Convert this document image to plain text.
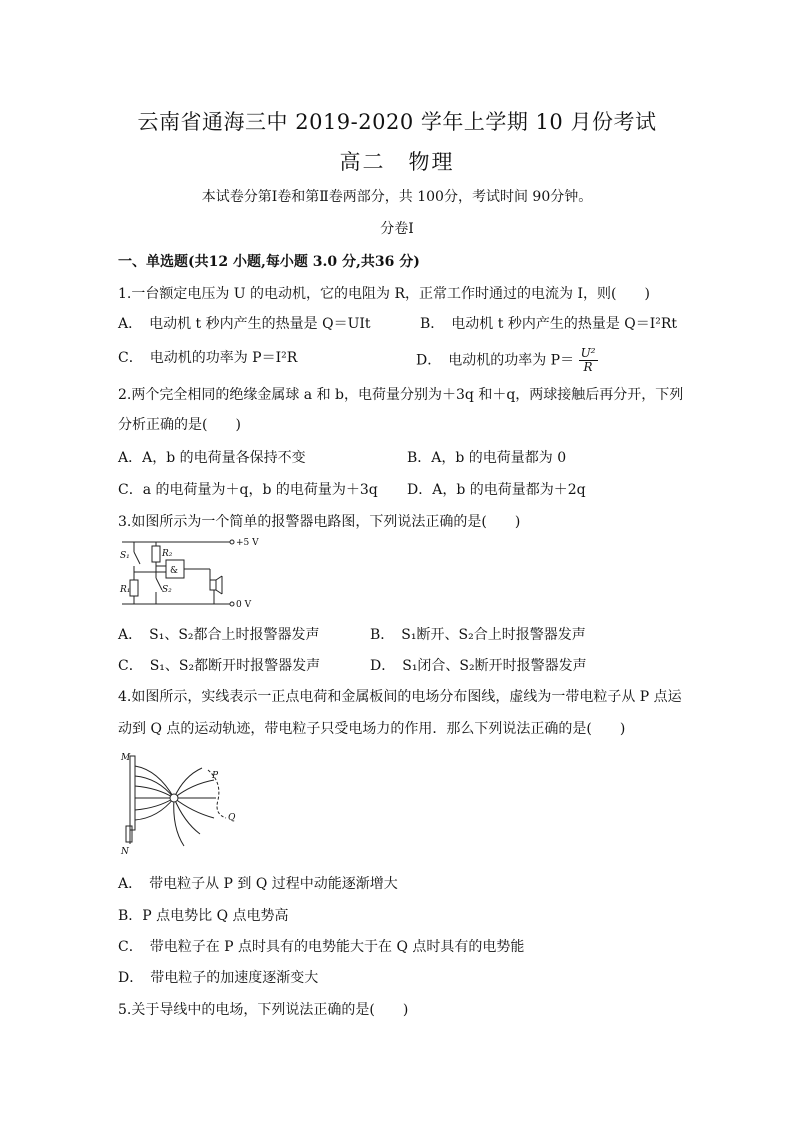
云南省通海三中 2019-2020 学年上学期 10 月份考试
高二　物理
本试卷分第Ⅰ卷和第Ⅱ卷两部分，共 100分，考试时间 90分钟。
分卷Ⅰ
一、单选题(共12 小题,每小题 3.0 分,共36 分)
1.一台额定电压为 U 的电动机，它的电阻为 R，正常工作时通过的电流为 I，则(　　)
A．　电动机 t 秒内产生的热量是 Q＝UIt	B．　电动机 t 秒内产生的热量是 Q＝I²Rt
C．　电动机的功率为 P＝I²R	D．　电动机的功率为 $P= \frac{\text{U²}}{R}$
2.两个完全相同的绝缘金属球 a 和 b，电荷量分别为＋3q 和＋q，两球接触后再分开，下列
分析正确的是(　　)
A．A，b 的电荷量各保持不变	B．A，b 的电荷量都为 0
C．a 的电荷量为＋q，b 的电荷量为＋3q D．A，b 的电荷量都为＋2q
3.如图所示为一个简单的报警器电路图，下列说法正确的是(　　)
+5 V
0 V
S₁
R₁
R₂
S₂
&
A．　S₁、S₂都合上时报警器发声	B．　S₁断开、S₂合上时报警器发声
C．　S₁、S₂都断开时报警器发声	D．　S₁闭合、S₂断开时报警器发声
4.如图所示，实线表示一正点电荷和金属板间的电场分布图线，虚线为一带电粒子从 P 点运
动到 Q 点的运动轨迹，带电粒子只受电场力的作用．那么下列说法正确的是(　　)
M
N
P
Q
A．　带电粒子从 P 到 Q 过程中动能逐渐增大
B．P 点电势比 Q 点电势高
C．　带电粒子在 P 点时具有的电势能大于在 Q 点时具有的电势能
D．　带电粒子的加速度逐渐变大
5.关于导线中的电场，下列说法正确的是(　　)
